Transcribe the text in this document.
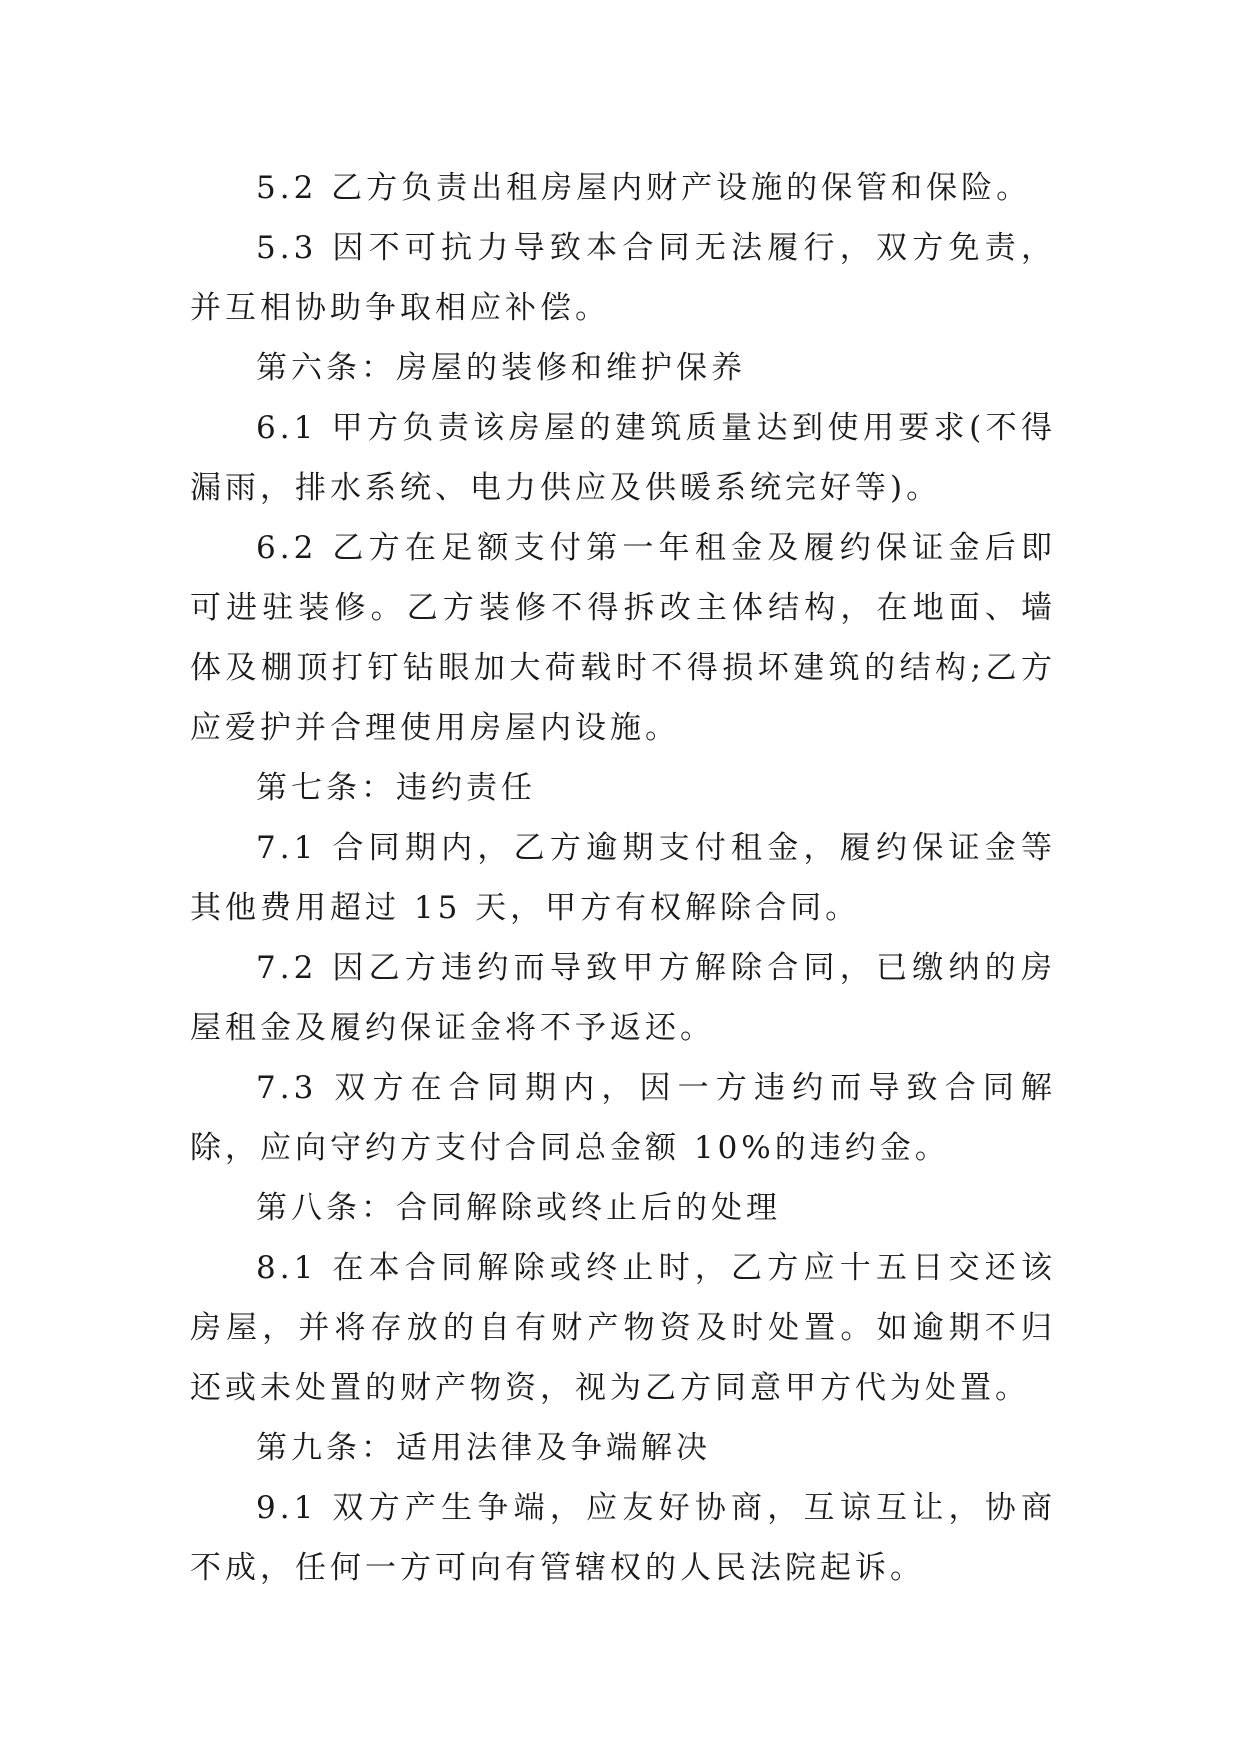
5.2 乙方负责出租房屋内财产设施的保管和保险。

5.3 因不可抗力导致本合同无法履行，双方免责，并互相协助争取相应补偿。

第六条：房屋的装修和维护保养

6.1 甲方负责该房屋的建筑质量达到使用要求(不得漏雨，排水系统、电力供应及供暖系统完好等)。

6.2 乙方在足额支付第一年租金及履约保证金后即可进驻装修。乙方装修不得拆改主体结构，在地面、墙体及棚顶打钉钻眼加大荷载时不得损坏建筑的结构;乙方应爱护并合理使用房屋内设施。

第七条：违约责任

7.1 合同期内，乙方逾期支付租金，履约保证金等其他费用超过 15 天，甲方有权解除合同。

7.2 因乙方违约而导致甲方解除合同，已缴纳的房屋租金及履约保证金将不予返还。

7.3 双方在合同期内，因一方违约而导致合同解除，应向守约方支付合同总金额 10%的违约金。

第八条：合同解除或终止后的处理

8.1 在本合同解除或终止时，乙方应十五日交还该房屋，并将存放的自有财产物资及时处置。如逾期不归还或未处置的财产物资，视为乙方同意甲方代为处置。

第九条：适用法律及争端解决

9.1 双方产生争端，应友好协商，互谅互让，协商不成，任何一方可向有管辖权的人民法院起诉。
